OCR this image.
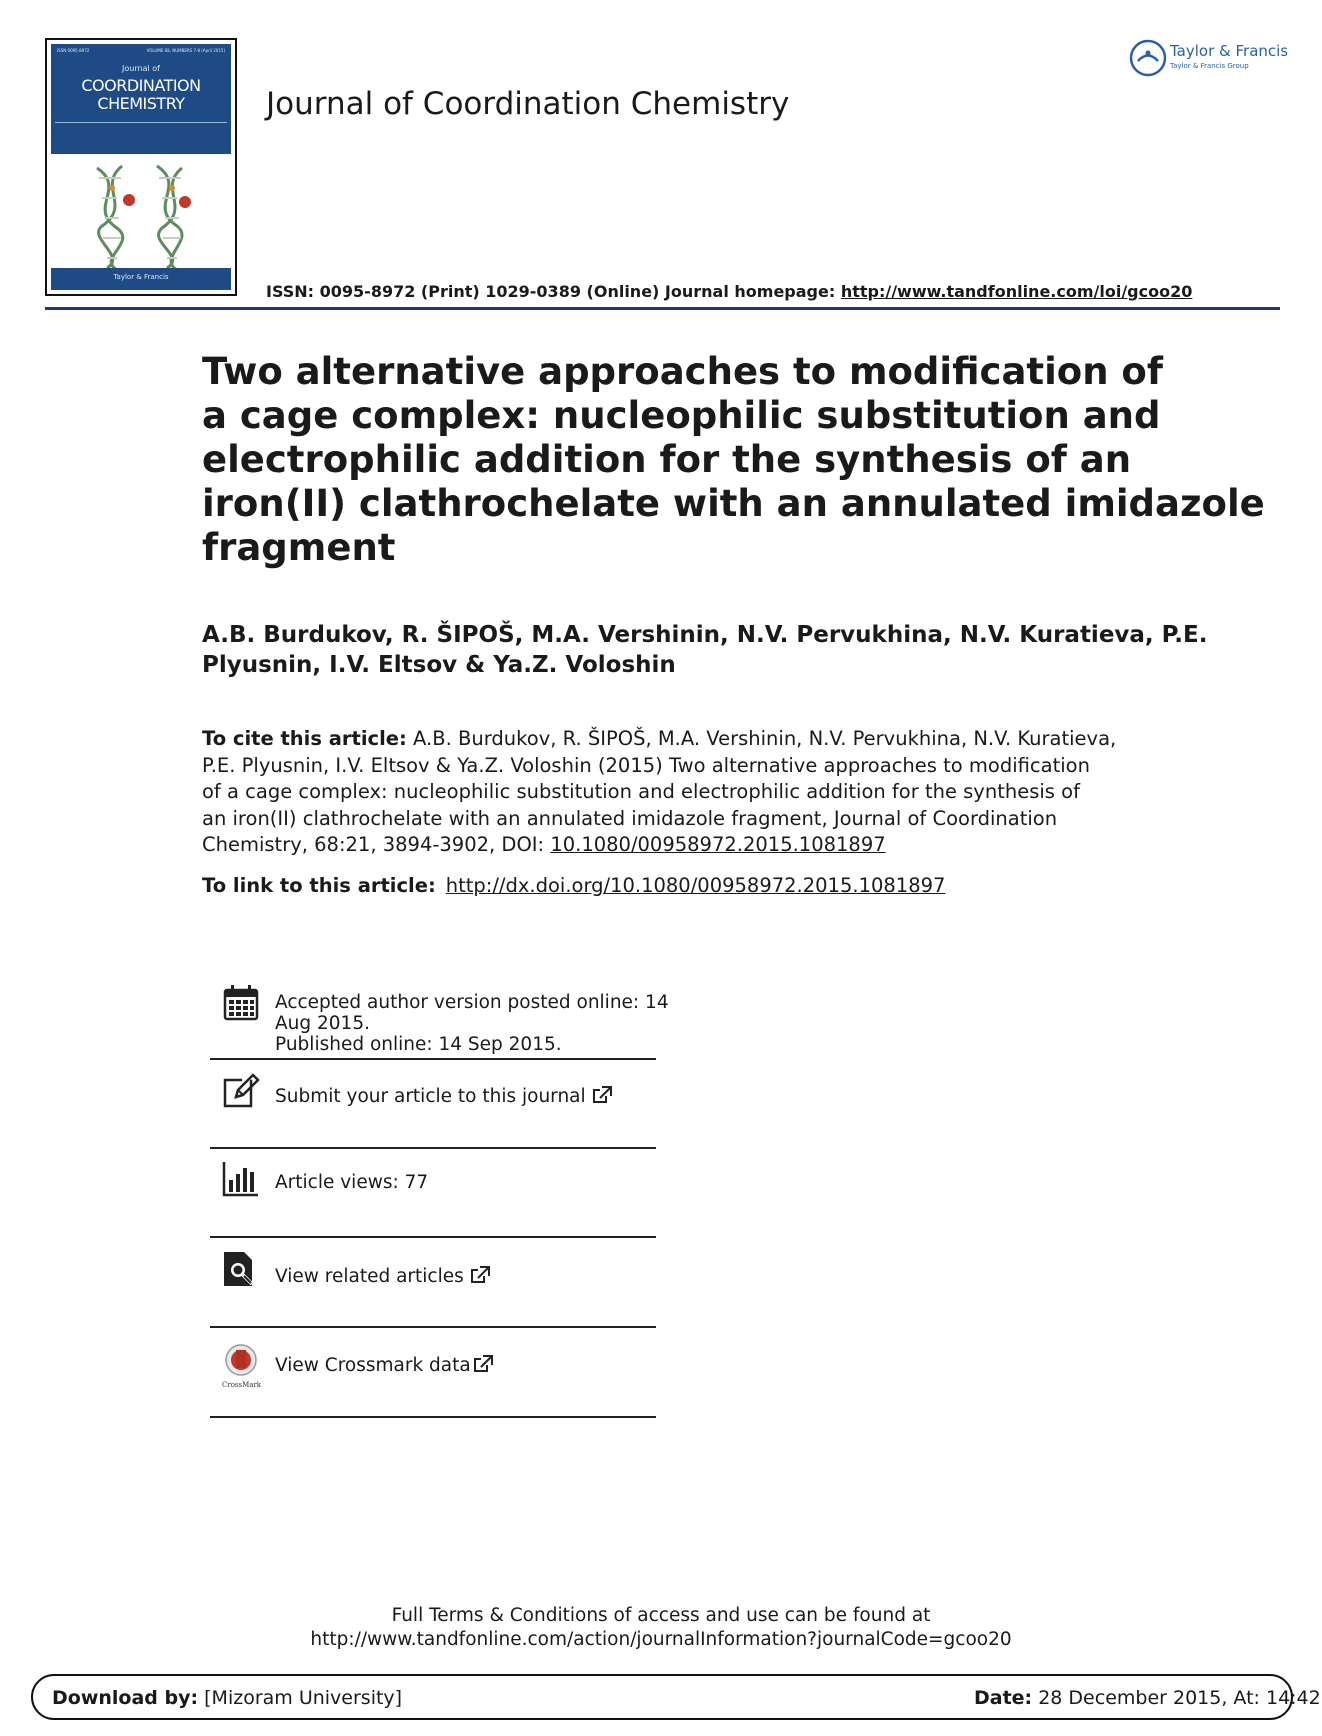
ISSN 0095-8972	VOLUME 68, NUMBERS 7-8 (April 2015)
Journal of
COORDINATION
CHEMISTRY
Taylor & Francis
Journal of Coordination Chemistry
Taylor & Francis
Taylor & Francis Group
ISSN: 0095-8972 (Print) 1029-0389 (Online) Journal homepage: http://www.tandfonline.com/loi/gcoo20
Two alternative approaches to modification of
a cage complex: nucleophilic substitution and
electrophilic addition for the synthesis of an
iron(II) clathrochelate with an annulated imidazole
fragment
A.B. Burdukov, R. ŠIPOŠ, M.A. Vershinin, N.V. Pervukhina, N.V. Kuratieva, P.E.
Plyusnin, I.V. Eltsov & Ya.Z. Voloshin
To cite this article: A.B. Burdukov, R. ŠIPOŠ, M.A. Vershinin, N.V. Pervukhina, N.V. Kuratieva,
P.E. Plyusnin, I.V. Eltsov & Ya.Z. Voloshin (2015) Two alternative approaches to modification
of a cage complex: nucleophilic substitution and electrophilic addition for the synthesis of
an iron(II) clathrochelate with an annulated imidazole fragment, Journal of Coordination
Chemistry, 68:21, 3894-3902, DOI: 10.1080/00958972.2015.1081897
To link to this article: http://dx.doi.org/10.1080/00958972.2015.1081897
Accepted author version posted online: 14
Aug 2015.
Published online: 14 Sep 2015.
Submit your article to this journal
Article views: 77
View related articles
CrossMark
View Crossmark data
Full Terms & Conditions of access and use can be found at
http://www.tandfonline.com/action/journalInformation?journalCode=gcoo20
Download by: [Mizoram University]	Date: 28 December 2015, At: 14:42
